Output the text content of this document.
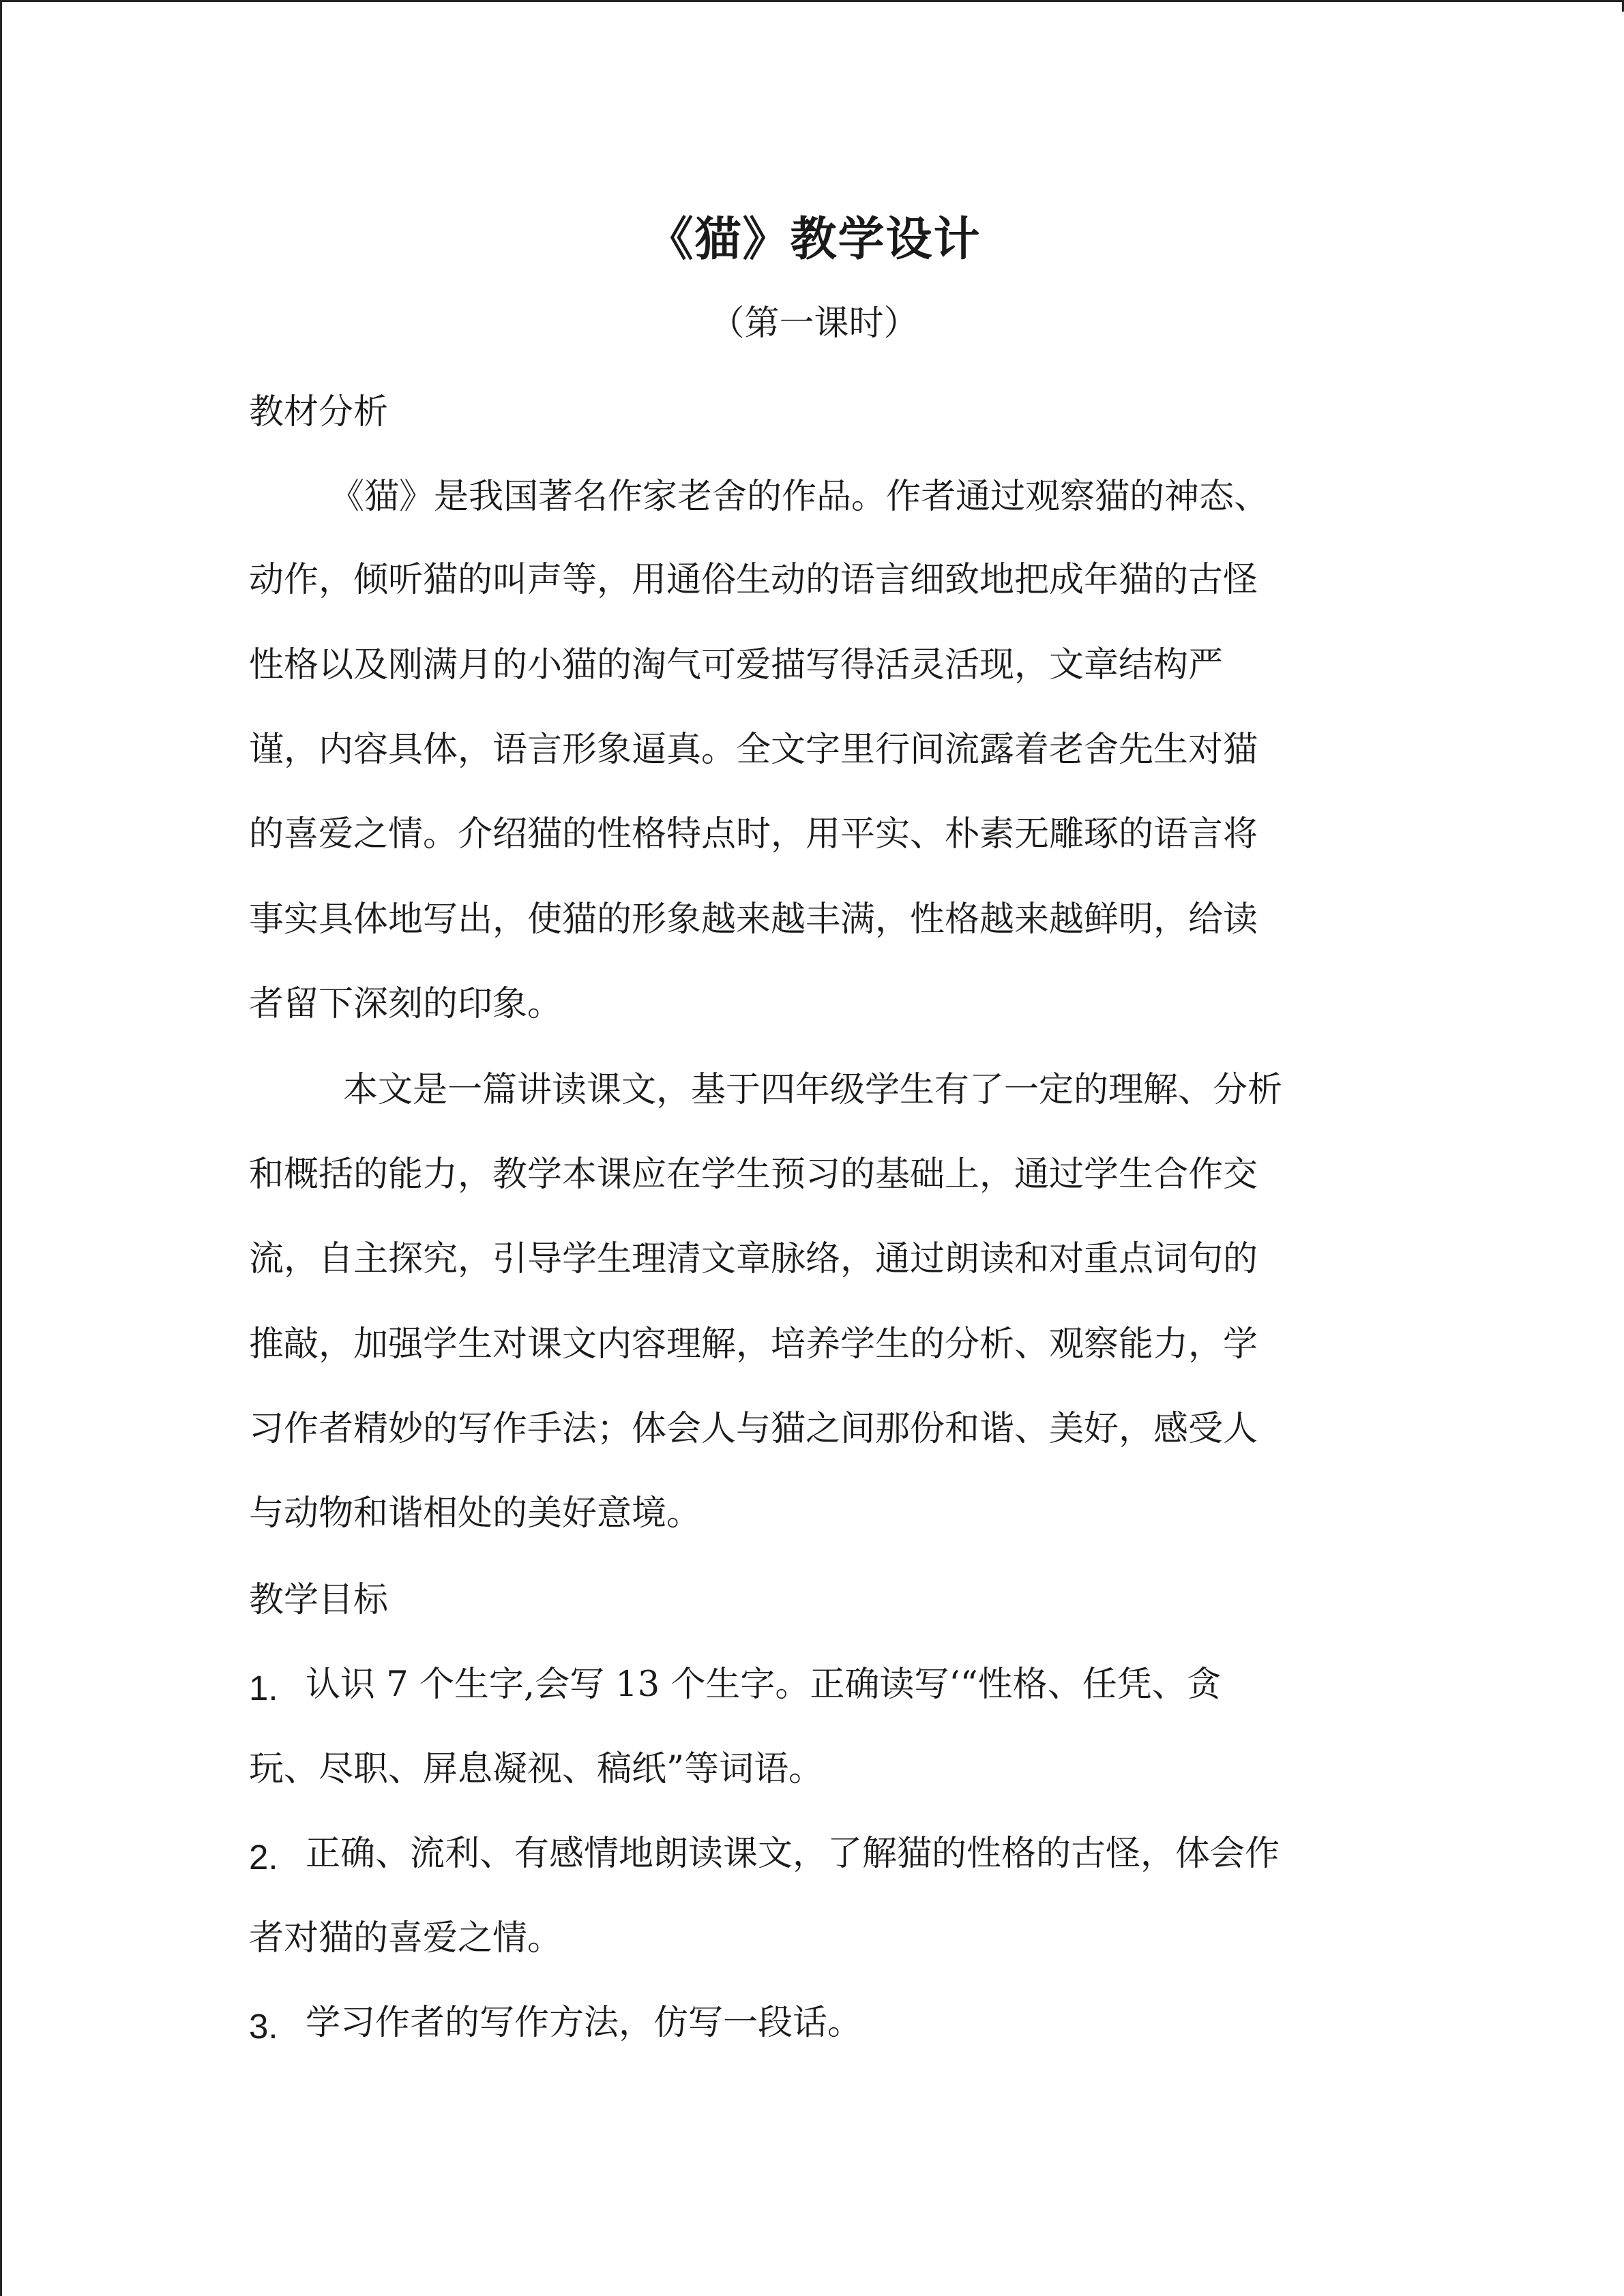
《猫》教学设计
（第一课时）
教材分析
《猫》是我国著名作家老舍的作品。作者通过观察猫的神态、
动作，倾听猫的叫声等，用通俗生动的语言细致地把成年猫的古怪
性格以及刚满月的小猫的淘气可爱描写得活灵活现，文章结构严
谨，内容具体，语言形象逼真。全文字里行间流露着老舍先生对猫
的喜爱之情。介绍猫的性格特点时，用平实、朴素无雕琢的语言将
事实具体地写出，使猫的形象越来越丰满，性格越来越鲜明，给读
者留下深刻的印象。
本文是一篇讲读课文，基于四年级学生有了一定的理解、分析
和概括的能力，教学本课应在学生预习的基础上，通过学生合作交
流，自主探究，引导学生理清文章脉络，通过朗读和对重点词句的
推敲，加强学生对课文内容理解，培养学生的分析、观察能力，学
习作者精妙的写作手法；体会人与猫之间那份和谐、美好，感受人
与动物和谐相处的美好意境。
教学目标
1. 认识 7 个生字,会写 13 个生字。正确读写‘“性格、任凭、贪
玩、尽职、屏息凝视、稿纸”等词语。
2. 正确、流利、有感情地朗读课文，了解猫的性格的古怪，体会作
者对猫的喜爱之情。
3. 学习作者的写作方法，仿写一段话。
